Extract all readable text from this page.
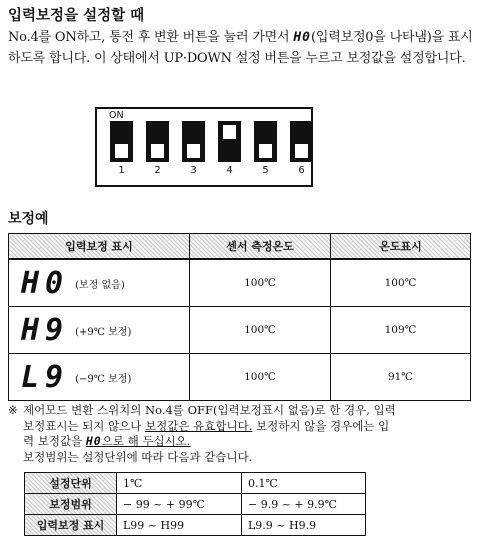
입력보정을 설정할 때
No.4를 ON하고, 통전 후 변환 버튼을 눌러 가면서 H0(입력보정0을 나타냄)을 표시하도록 합니다. 이 상태에서 UP·DOWN 설정 버튼을 누르고 보정값을 설정합니다.
ON
1	2	3	4	5	6
보정예
입력보정 표시	센서 측정온도	온도표시
H0 (보정 없음)	100℃	100℃
H9 (+9℃ 보정)	100℃	109℃
L9 (−9℃ 보정)	100℃	91℃
※ 제어모드 변환 스위치의 No.4를 OFF(입력보정표시 없음)로 한 경우, 입력
보정표시는 되지 않으나 보정값은 유효합니다. 보정하지 않을 경우에는 입
력 보정값을 H0으로 해 두십시오.
보정범위는 설정단위에 따라 다음과 같습니다.
설정단위	1℃	0.1℃
보정범위	− 99 ~ + 99℃	− 9.9 ~ + 9.9℃
입력보정 표시	L99 ~ H99	L9.9 ~ H9.9
